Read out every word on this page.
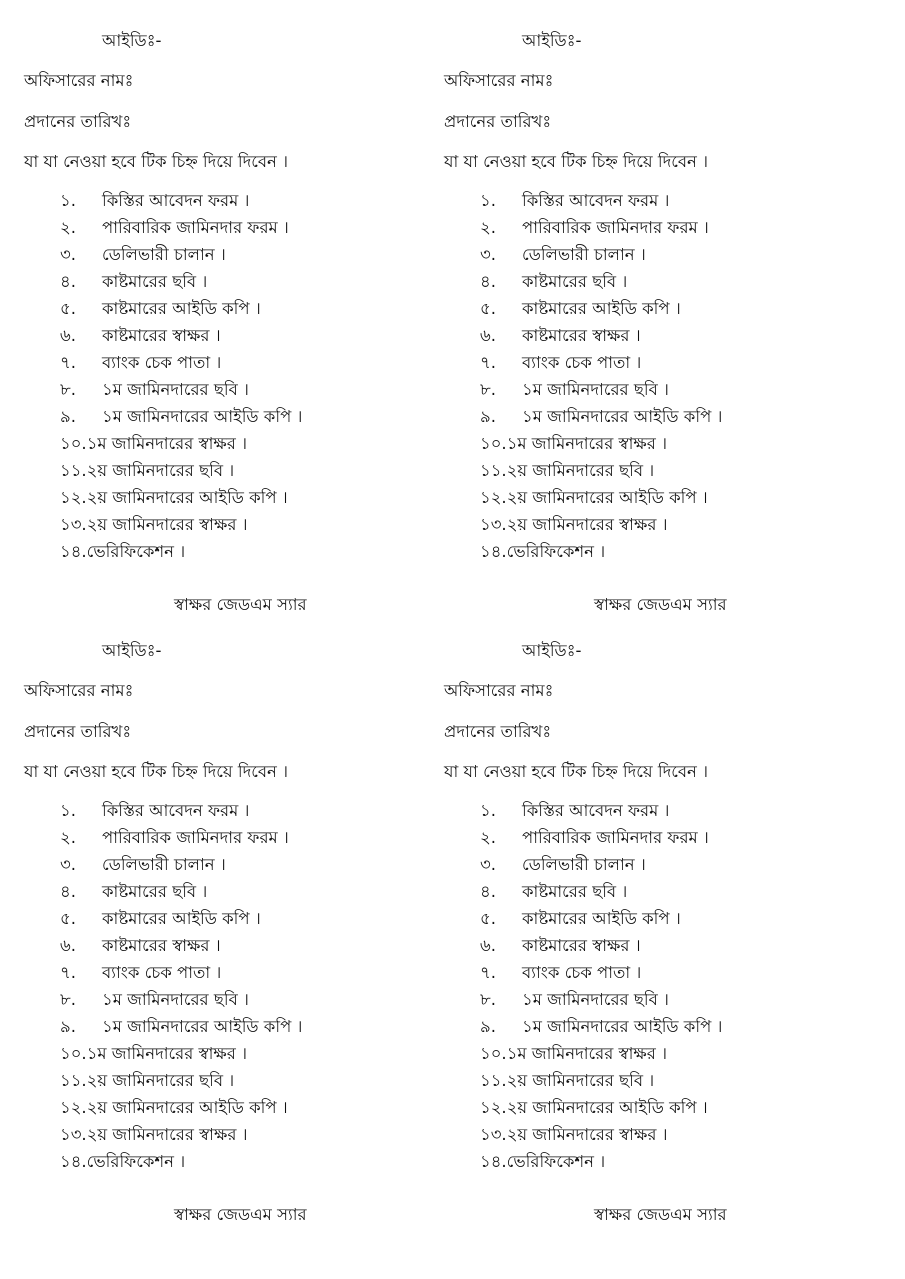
আইডিঃ-
অফিসারের নামঃ
প্রদানের তারিখঃ
যা যা নেওয়া হবে টিক চিহ্ন দিয়ে দিবেন ।
১.	কিস্তির আবেদন ফরম ।
২.	পারিবারিক জামিনদার ফরম ।
৩.	ডেলিভারী চালান ।
৪.	কাষ্টমারের ছবি ।
৫.	কাষ্টমারের আইডি কপি ।
৬.	কাষ্টমারের স্বাক্ষর ।
৭.	ব্যাংক চেক পাতা ।
৮.	১ম জামিনদারের ছবি ।
৯.	১ম জামিনদারের আইডি কপি ।
১০. ১ম জামিনদারের স্বাক্ষর ।
১১. ২য় জামিনদারের ছবি ।
১২. ২য় জামিনদারের আইডি কপি ।
১৩. ২য় জামিনদারের স্বাক্ষর ।
১৪. ভেরিফিকেশন ।
স্বাক্ষর জেডএম স্যার
আইডিঃ-
অফিসারের নামঃ
প্রদানের তারিখঃ
যা যা নেওয়া হবে টিক চিহ্ন দিয়ে দিবেন ।
১.	কিস্তির আবেদন ফরম ।
২.	পারিবারিক জামিনদার ফরম ।
৩.	ডেলিভারী চালান ।
৪.	কাষ্টমারের ছবি ।
৫.	কাষ্টমারের আইডি কপি ।
৬.	কাষ্টমারের স্বাক্ষর ।
৭.	ব্যাংক চেক পাতা ।
৮.	১ম জামিনদারের ছবি ।
৯.	১ম জামিনদারের আইডি কপি ।
১০. ১ম জামিনদারের স্বাক্ষর ।
১১. ২য় জামিনদারের ছবি ।
১২. ২য় জামিনদারের আইডি কপি ।
১৩. ২য় জামিনদারের স্বাক্ষর ।
১৪. ভেরিফিকেশন ।
স্বাক্ষর জেডএম স্যার
আইডিঃ-
অফিসারের নামঃ
প্রদানের তারিখঃ
যা যা নেওয়া হবে টিক চিহ্ন দিয়ে দিবেন ।
১.	কিস্তির আবেদন ফরম ।
২.	পারিবারিক জামিনদার ফরম ।
৩.	ডেলিভারী চালান ।
৪.	কাষ্টমারের ছবি ।
৫.	কাষ্টমারের আইডি কপি ।
৬.	কাষ্টমারের স্বাক্ষর ।
৭.	ব্যাংক চেক পাতা ।
৮.	১ম জামিনদারের ছবি ।
৯.	১ম জামিনদারের আইডি কপি ।
১০. ১ম জামিনদারের স্বাক্ষর ।
১১. ২য় জামিনদারের ছবি ।
১২. ২য় জামিনদারের আইডি কপি ।
১৩. ২য় জামিনদারের স্বাক্ষর ।
১৪. ভেরিফিকেশন ।
স্বাক্ষর জেডএম স্যার
আইডিঃ-
অফিসারের নামঃ
প্রদানের তারিখঃ
যা যা নেওয়া হবে টিক চিহ্ন দিয়ে দিবেন ।
১.	কিস্তির আবেদন ফরম ।
২.	পারিবারিক জামিনদার ফরম ।
৩.	ডেলিভারী চালান ।
৪.	কাষ্টমারের ছবি ।
৫.	কাষ্টমারের আইডি কপি ।
৬.	কাষ্টমারের স্বাক্ষর ।
৭.	ব্যাংক চেক পাতা ।
৮.	১ম জামিনদারের ছবি ।
৯.	১ম জামিনদারের আইডি কপি ।
১০. ১ম জামিনদারের স্বাক্ষর ।
১১. ২য় জামিনদারের ছবি ।
১২. ২য় জামিনদারের আইডি কপি ।
১৩. ২য় জামিনদারের স্বাক্ষর ।
১৪. ভেরিফিকেশন ।
স্বাক্ষর জেডএম স্যার
